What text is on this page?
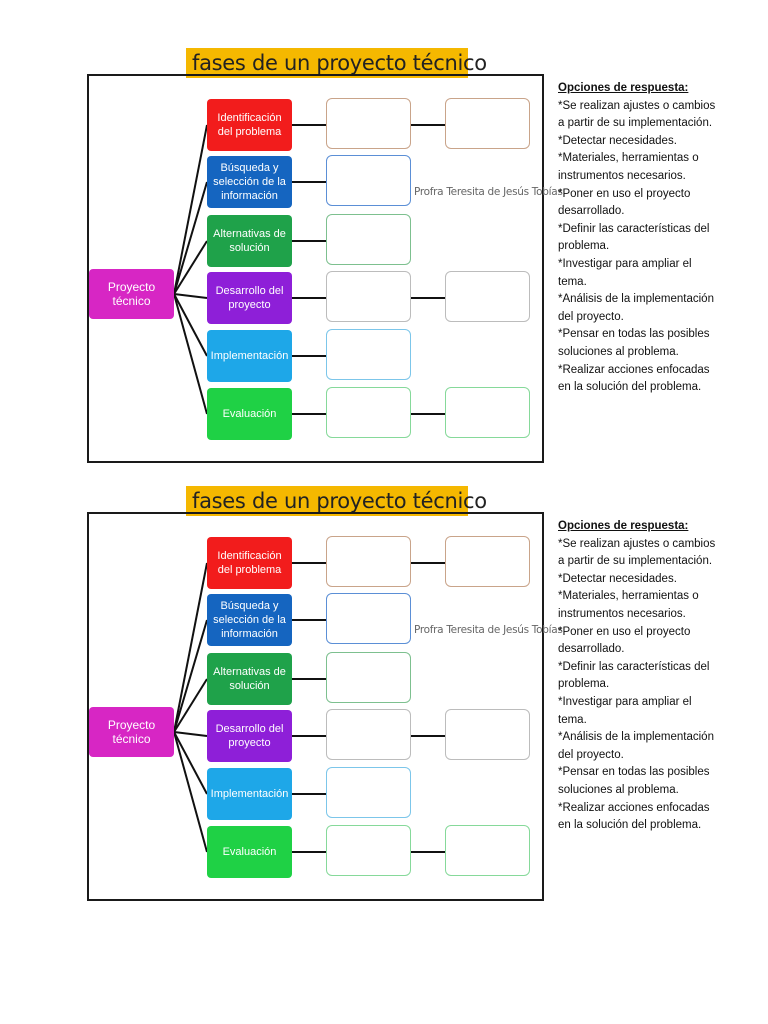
fases de un proyecto técnico
Proyecto técnico
Identificación del problema
Búsqueda y selección de la información
Alternativas de solución
Desarrollo del proyecto
Implementación
Evaluación
Profra Teresita de Jesús Tobías
Opciones de respuesta:
*Se realizan ajustes o cambios a partir de su implementación.
*Detectar necesidades.
*Materiales, herramientas o instrumentos necesarios.
*Poner en uso el proyecto desarrollado.
*Definir las características del problema.
*Investigar para ampliar el tema.
*Análisis de la implementación del proyecto.
*Pensar en todas las posibles soluciones al problema.
*Realizar acciones enfocadas en la solución del problema.
fases de un proyecto técnico
Proyecto técnico
Identificación del problema
Búsqueda y selección de la información
Alternativas de solución
Desarrollo del proyecto
Implementación
Evaluación
Profra Teresita de Jesús Tobías
Opciones de respuesta:
*Se realizan ajustes o cambios a partir de su implementación.
*Detectar necesidades.
*Materiales, herramientas o instrumentos necesarios.
*Poner en uso el proyecto desarrollado.
*Definir las características del problema.
*Investigar para ampliar el tema.
*Análisis de la implementación del proyecto.
*Pensar en todas las posibles soluciones al problema.
*Realizar acciones enfocadas en la solución del problema.
